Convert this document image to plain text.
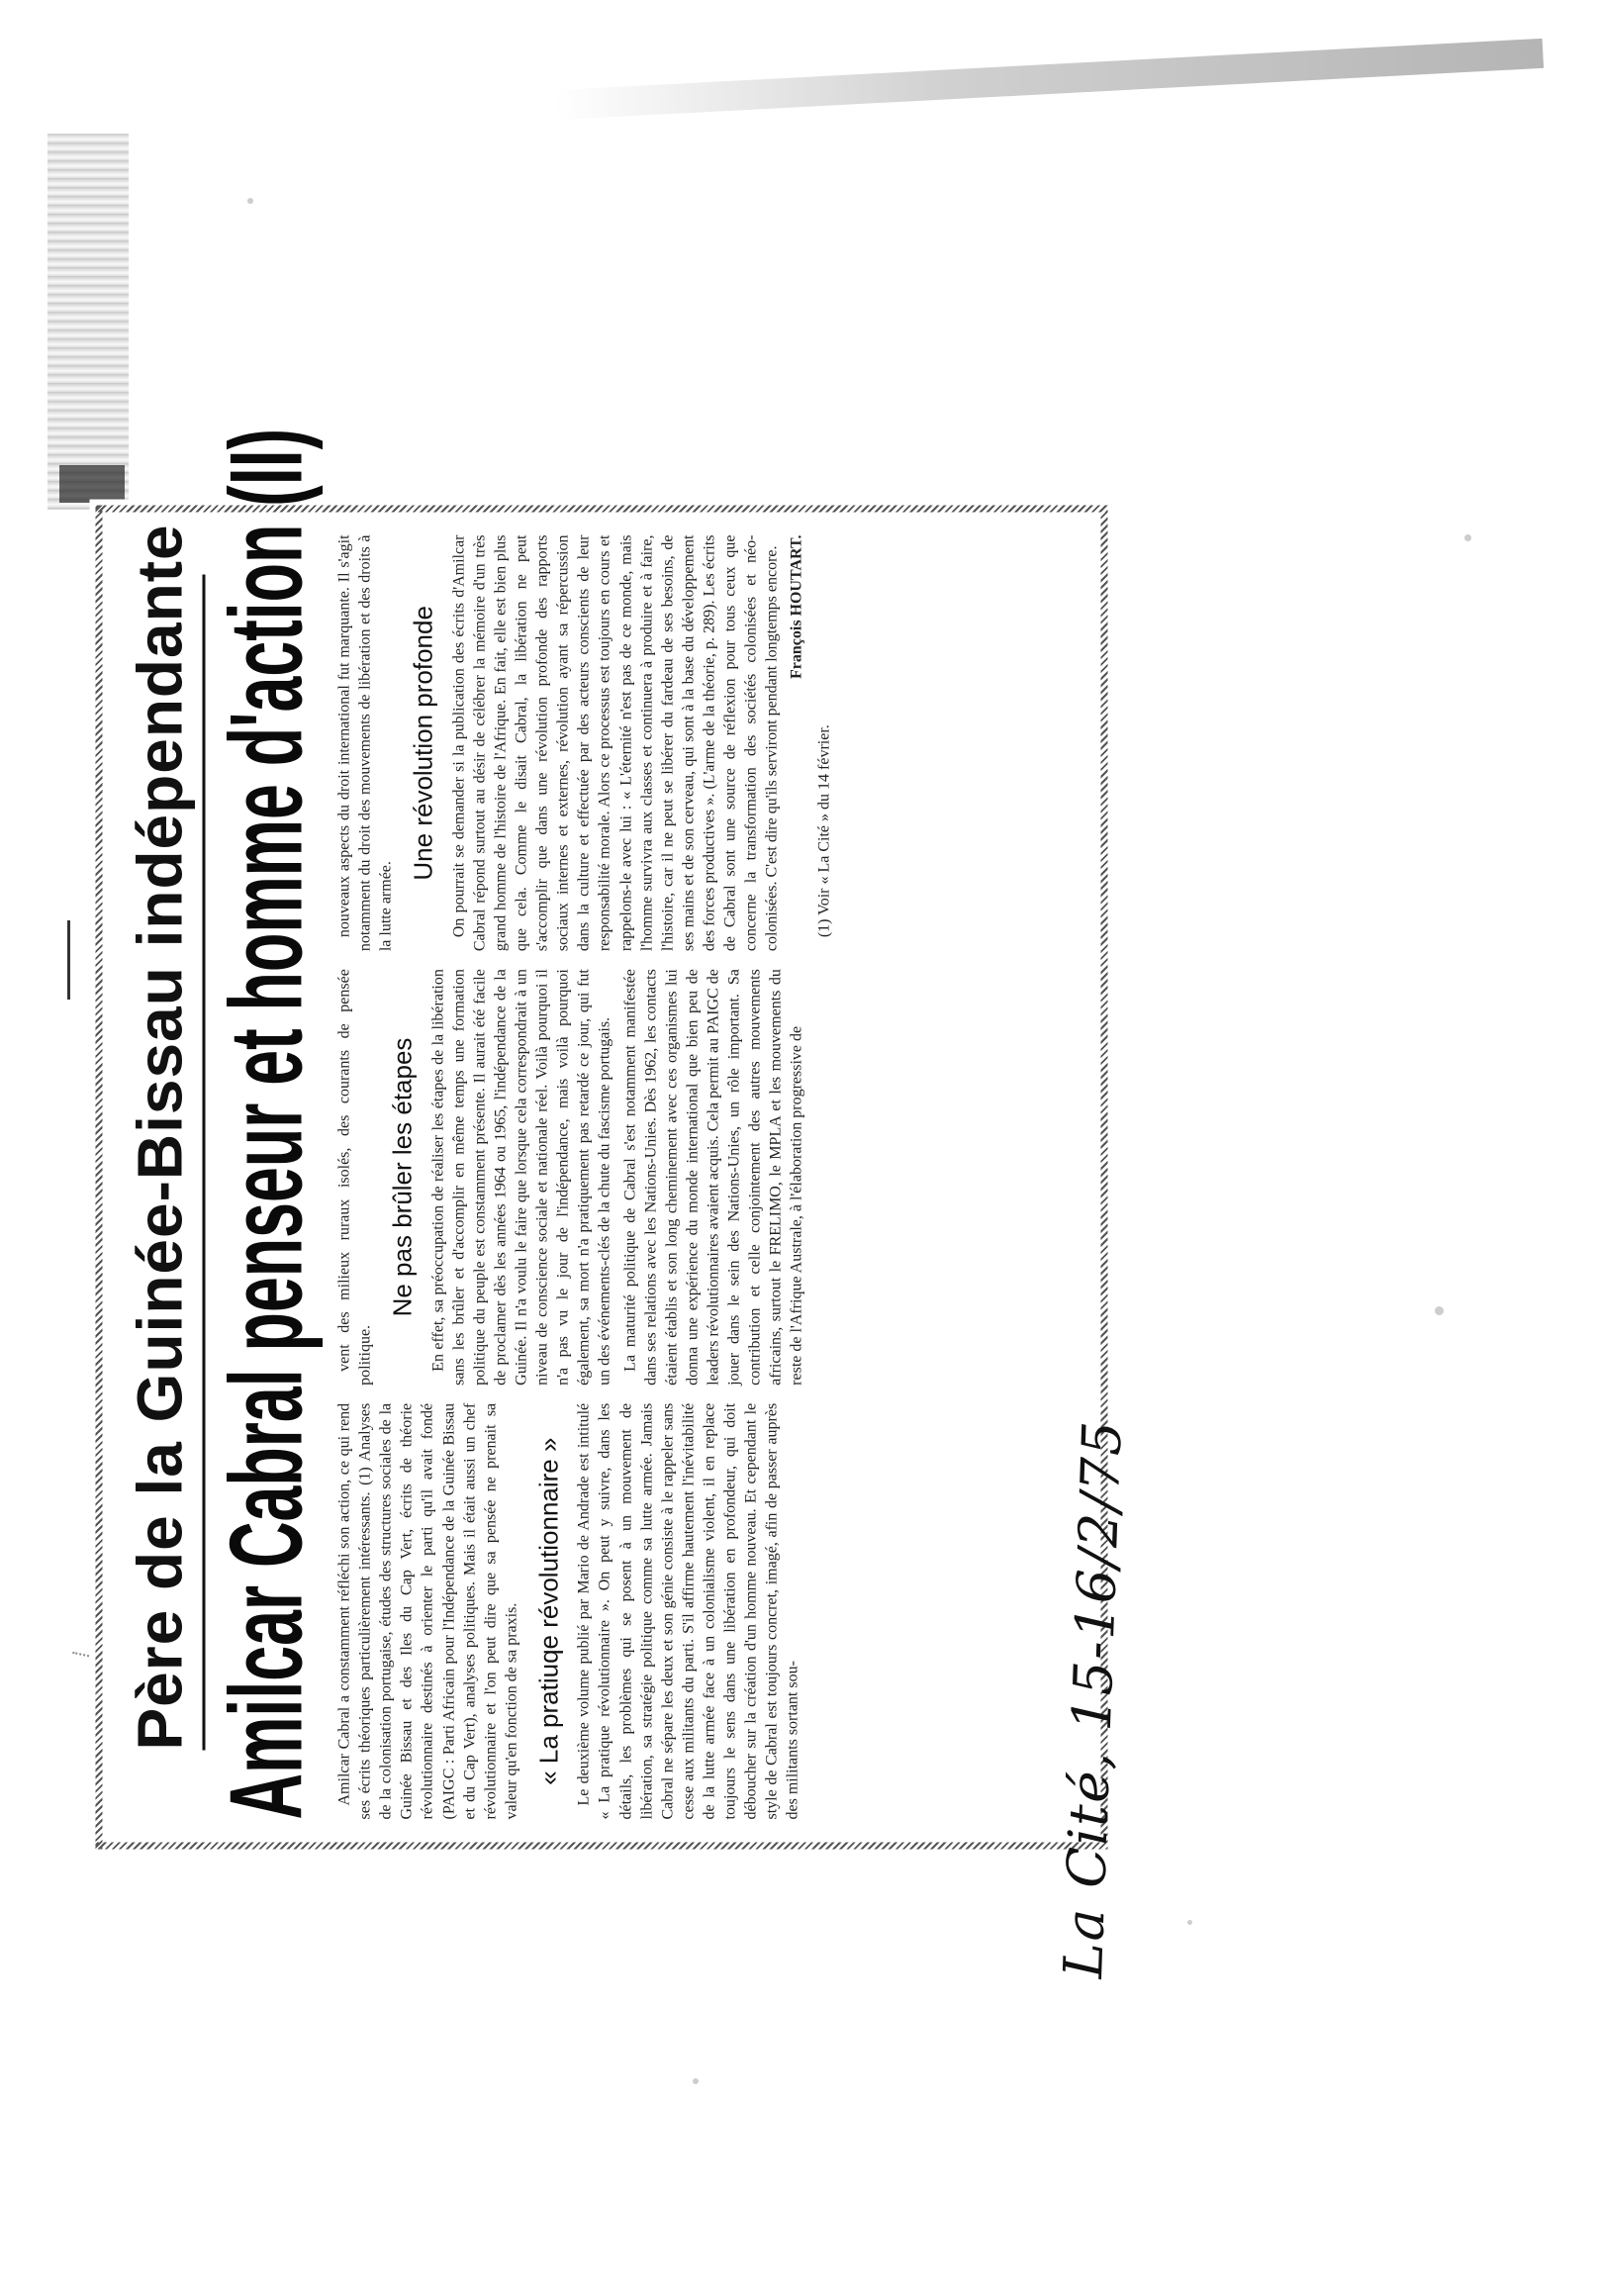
Père de la Guinée-Bissau indépendante Amilcar Cabral penseur et homme d'action (II) Amilcar Cabral a constamment réfléchi son action, ce qui rend ses écrits théoriques particulièrement intéressants. (1) Analyses de la colonisation portugaise, études des structures sociales de la Guinée Bissau et des Iles du Cap Vert, écrits de théorie révolutionnaire destinés à orienter le parti qu'il avait fondé (PAIGC : Parti Africain pour l'Indépendance de la Guinée Bissau et du Cap Vert), analyses politiques. Mais il était aussi un chef révolutionnaire et l'on peut dire que sa pensée ne prenait sa valeur qu'en fonction de sa praxis. « La pratiuqe révolutionnaire » Le deuxième volume publié par Mario de Andrade est intitulé « La pratique révolutionnaire ». On peut y suivre, dans les détails, les problèmes qui se posent à un mouvement de libération, sa stratégie politique comme sa lutte armée. Jamais Cabral ne sépare les deux et son génie consiste à le rappeler sans cesse aux militants du parti. S'il affirme hautement l'inévitabilité de la lutte armée face à un colonialisme violent, il en replace toujours le sens dans une libération en profondeur, qui doit déboucher sur la création d'un homme nouveau. Et cependant le style de Cabral est toujours concret, imagé, afin de passer auprès des militants sortant sou-

vent des milieux ruraux isolés, des courants de pensée politique.

Ne pas brûler les étapes En effet, sa préoccupation de réaliser les étapes de la libération sans les brûler et d'accomplir en même temps une formation politique du peuple est constamment présente. Il aurait été facile de proclamer dès les années 1964 ou 1965, l'indépendance de la Guinée. Il n'a voulu le faire que lorsque cela correspondrait à un niveau de conscience sociale et nationale réel. Voilà pourquoi il n'a pas vu le jour de l'indépendance, mais voilà pourquoi également, sa mort n'a pratiquement pas retardé ce jour, qui fut un des événements-clés de la chute du fascisme portugais. La maturité politique de Cabral s'est notamment manifestée dans ses relations avec les Nations-Unies. Dès 1962, les contacts étaient établis et son long cheminement avec ces organismes lui donna une expérience du monde international que bien peu de leaders révolutionnaires avaient acquis. Cela permit au PAIGC de jouer dans le sein des Nations-Unies, un rôle important. Sa contribution et celle conjointement des autres mouvements africains, surtout le FRELIMO, le MPLA et les mouvements du reste de l'Afrique Australe, à l'élaboration progressive de

nouveaux aspects du droit international fut marquante. Il s'agit notamment du droit des mouvements de libération et des droits à la lutte armée.

Une révolution profonde On pourrait se demander si la publication des écrits d'Amilcar Cabral répond surtout au désir de célébrer la mémoire d'un très grand homme de l'histoire de l'Afrique. En fait, elle est bien plus que cela. Comme le disait Cabral, la libération ne peut s'accomplir que dans une révolution profonde des rapports sociaux internes et externes, révolution ayant sa répercussion dans la culture et effectuée par des acteurs conscients de leur responsabilité morale. Alors ce processus est toujours en cours et rappelons-le avec lui : « L'éternité n'est pas de ce monde, mais l'homme survivra aux classes et continuera à produire et à faire, l'histoire, car il ne peut se libérer du fardeau de ses besoins, de ses mains et de son cerveau, qui sont à la base du développement des forces productives ». (L'arme de la théorie, p. 289). Les écrits de Cabral sont une source de réflexion pour tous ceux que concerne la transformation des sociétés colonisées et néo-colonisées. C'est dire qu'ils serviront pendant longtemps encore. François HOUTART.
(1) Voir « La Cité » du 14 février.
La Cité, 15-16/2/75
